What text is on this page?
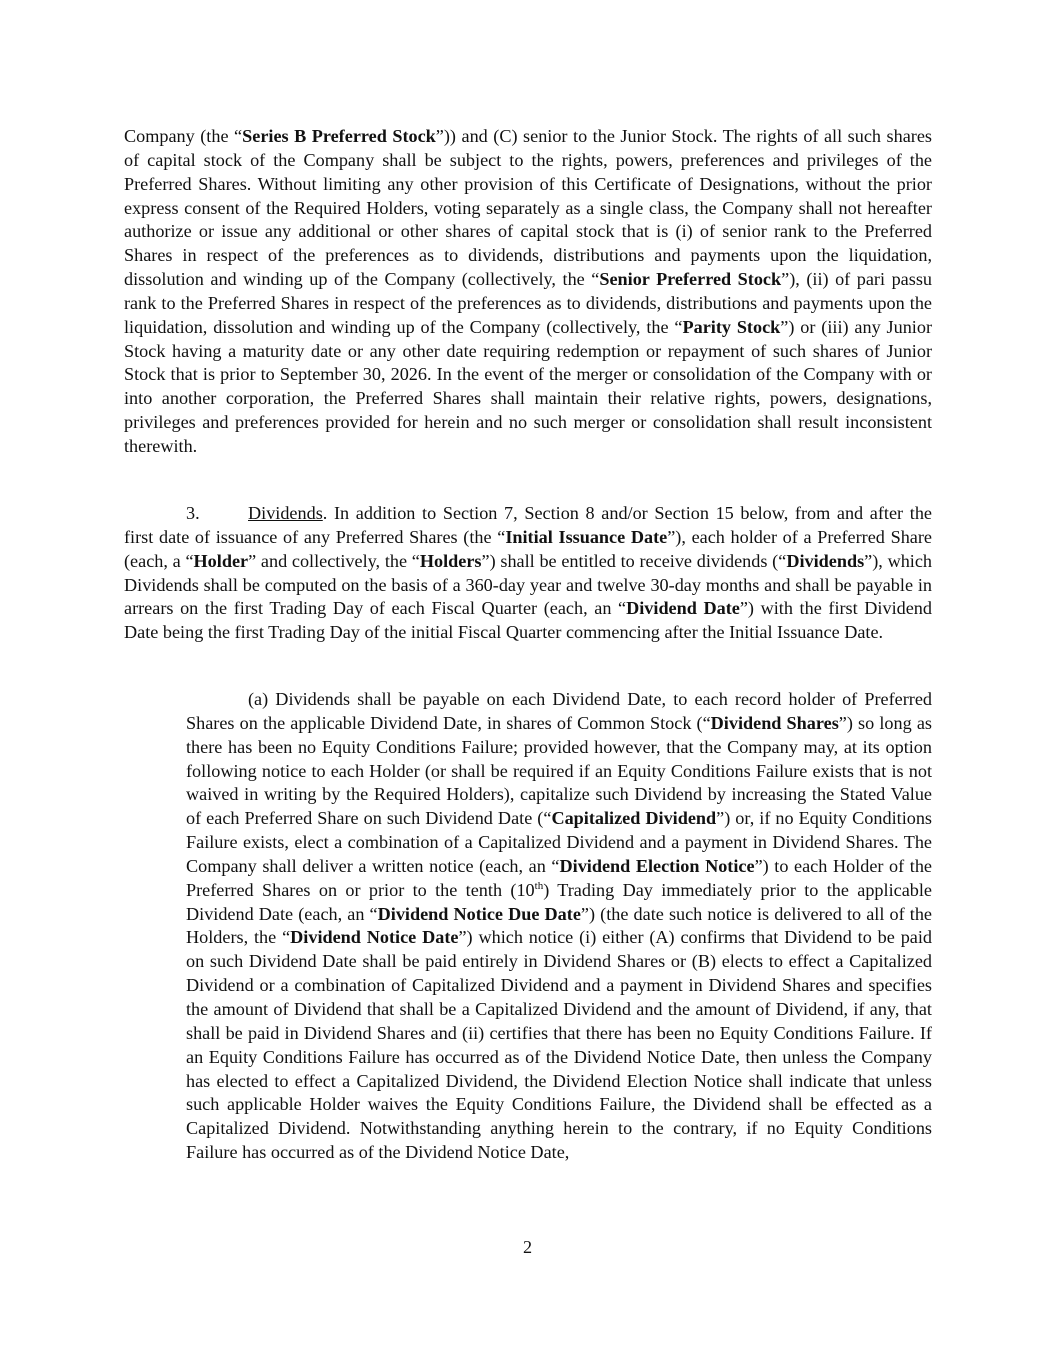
Company (the “Series B Preferred Stock”)) and (C) senior to the Junior Stock. The rights of all such shares of capital stock of the Company shall be subject to the rights, powers, preferences and privileges of the Preferred Shares. Without limiting any other provision of this Certificate of Designations, without the prior express consent of the Required Holders, voting separately as a single class, the Company shall not hereafter authorize or issue any additional or other shares of capital stock that is (i) of senior rank to the Preferred Shares in respect of the preferences as to dividends, distributions and payments upon the liquidation, dissolution and winding up of the Company (collectively, the “Senior Preferred Stock”), (ii) of pari passu rank to the Preferred Shares in respect of the preferences as to dividends, distributions and payments upon the liquidation, dissolution and winding up of the Company (collectively, the “Parity Stock”) or (iii) any Junior Stock having a maturity date or any other date requiring redemption or repayment of such shares of Junior Stock that is prior to September 30, 2026. In the event of the merger or consolidation of the Company with or into another corporation, the Preferred Shares shall maintain their relative rights, powers, designations, privileges and preferences provided for herein and no such merger or consolidation shall result inconsistent therewith.

3.	Dividends. In addition to Section 7, Section 8 and/or Section 15 below, from and after the first date of issuance of any Preferred Shares (the “Initial Issuance Date”), each holder of a Preferred Share (each, a “Holder” and collectively, the “Holders”) shall be entitled to receive dividends (“Dividends”), which Dividends shall be computed on the basis of a 360-day year and twelve 30-day months and shall be payable in arrears on the first Trading Day of each Fiscal Quarter (each, an “Dividend Date”) with the first Dividend Date being the first Trading Day of the initial Fiscal Quarter commencing after the Initial Issuance Date.

(a) Dividends shall be payable on each Dividend Date, to each record holder of Preferred Shares on the applicable Dividend Date, in shares of Common Stock (“Dividend Shares”) so long as there has been no Equity Conditions Failure; provided however, that the Company may, at its option following notice to each Holder (or shall be required if an Equity Conditions Failure exists that is not waived in writing by the Required Holders), capitalize such Dividend by increasing the Stated Value of each Preferred Share on such Dividend Date (“Capitalized Dividend”) or, if no Equity Conditions Failure exists, elect a combination of a Capitalized Dividend and a payment in Dividend Shares. The Company shall deliver a written notice (each, an “Dividend Election Notice”) to each Holder of the Preferred Shares on or prior to the tenth (10th) Trading Day immediately prior to the applicable Dividend Date (each, an “Dividend Notice Due Date”) (the date such notice is delivered to all of the Holders, the “Dividend Notice Date”) which notice (i) either (A) confirms that Dividend to be paid on such Dividend Date shall be paid entirely in Dividend Shares or (B) elects to effect a Capitalized Dividend or a combination of Capitalized Dividend and a payment in Dividend Shares and specifies the amount of Dividend that shall be a Capitalized Dividend and the amount of Dividend, if any, that shall be paid in Dividend Shares and (ii) certifies that there has been no Equity Conditions Failure. If an Equity Conditions Failure has occurred as of the Dividend Notice Date, then unless the Company has elected to effect a Capitalized Dividend, the Dividend Election Notice shall indicate that unless such applicable Holder waives the Equity Conditions Failure, the Dividend shall be effected as a Capitalized Dividend. Notwithstanding anything herein to the contrary, if no Equity Conditions Failure has occurred as of the Dividend Notice Date,

2
